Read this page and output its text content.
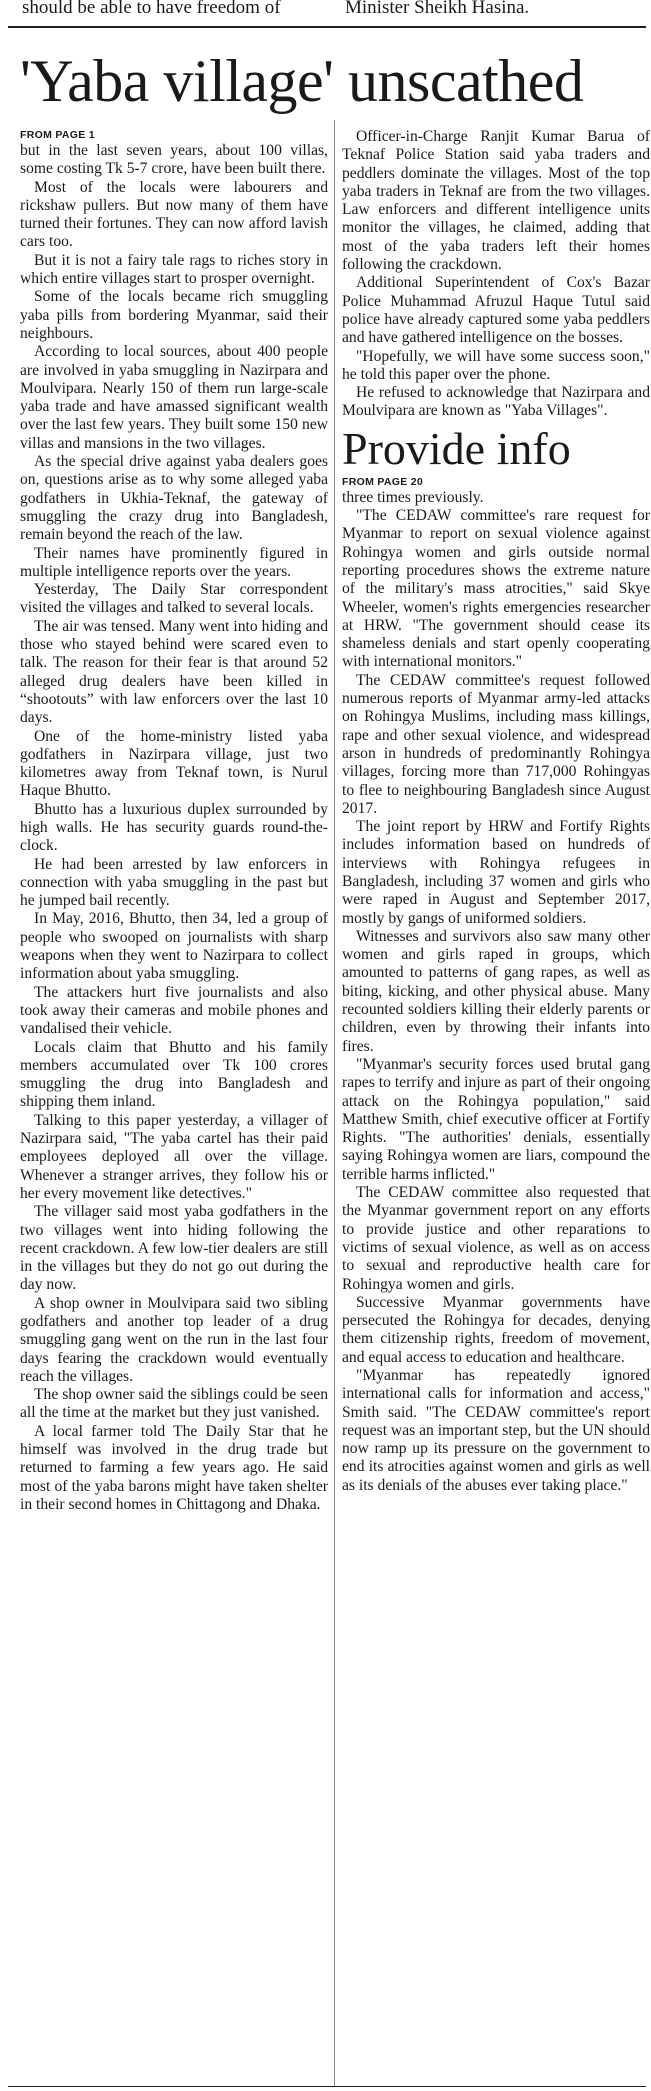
should be able to have freedom of	Minister Sheikh Hasina.
'Yaba village' unscathed
FROM PAGE 1

but in the last seven years, about 100 villas, some costing Tk 5-7 crore, have been built there.

Most of the locals were labourers and rickshaw pullers. But now many of them have turned their fortunes. They can now afford lavish cars too.

But it is not a fairy tale rags to riches story in which entire villages start to prosper overnight.

Some of the locals became rich smuggling yaba pills from bordering Myanmar, said their neighbours.

According to local sources, about 400 people are involved in yaba smuggling in Nazirpara and Moulvipara. Nearly 150 of them run large-scale yaba trade and have amassed significant wealth over the last few years. They built some 150 new villas and mansions in the two villages.

As the special drive against yaba dealers goes on, questions arise as to why some alleged yaba godfathers in Ukhia-Teknaf, the gateway of smuggling the crazy drug into Bangladesh, remain beyond the reach of the law.

Their names have prominently figured in multiple intelligence reports over the years.

Yesterday, The Daily Star correspondent visited the villages and talked to several locals.

The air was tensed. Many went into hiding and those who stayed behind were scared even to talk. The reason for their fear is that around 52 alleged drug dealers have been killed in “shootouts” with law enforcers over the last 10 days.

One of the home-ministry listed yaba godfathers in Nazirpara village, just two kilometres away from Teknaf town, is Nurul Haque Bhutto.

Bhutto has a luxurious duplex surrounded by high walls. He has security guards round-the-clock.

He had been arrested by law enforcers in connection with yaba smuggling in the past but he jumped bail recently.

In May, 2016, Bhutto, then 34, led a group of people who swooped on journalists with sharp weapons when they went to Nazirpara to collect information about yaba smuggling.

The attackers hurt five journalists and also took away their cameras and mobile phones and vandalised their vehicle.

Locals claim that Bhutto and his family members accumulated over Tk 100 crores smuggling the drug into Bangladesh and shipping them inland.

Talking to this paper yesterday, a villager of Nazirpara said, "The yaba cartel has their paid employees deployed all over the village. Whenever a stranger arrives, they follow his or her every movement like detectives."

The villager said most yaba godfathers in the two villages went into hiding following the recent crackdown. A few low-tier dealers are still in the villages but they do not go out during the day now.

A shop owner in Moulvipara said two sibling godfathers and another top leader of a drug smuggling gang went on the run in the last four days fearing the crackdown would eventually reach the villages.

The shop owner said the siblings could be seen all the time at the market but they just vanished.

A local farmer told The Daily Star that he himself was involved in the drug trade but returned to farming a few years ago. He said most of the yaba barons might have taken shelter in their second homes in Chittagong and Dhaka.

Officer-in-Charge Ranjit Kumar Barua of Teknaf Police Station said yaba traders and peddlers dominate the villages. Most of the top yaba traders in Teknaf are from the two villages. Law enforcers and different intelligence units monitor the villages, he claimed, adding that most of the yaba traders left their homes following the crackdown.

Additional Superintendent of Cox's Bazar Police Muhammad Afruzul Haque Tutul said police have already captured some yaba peddlers and have gathered intelligence on the bosses.

"Hopefully, we will have some success soon," he told this paper over the phone.

He refused to acknowledge that Nazirpara and Moulvipara are known as "Yaba Villages".

Provide info
FROM PAGE 20

three times previously.

"The CEDAW committee's rare request for Myanmar to report on sexual violence against Rohingya women and girls outside normal reporting procedures shows the extreme nature of the military's mass atrocities," said Skye Wheeler, women's rights emergencies researcher at HRW. "The government should cease its shameless denials and start openly cooperating with international monitors."

The CEDAW committee's request followed numerous reports of Myanmar army-led attacks on Rohingya Muslims, including mass killings, rape and other sexual violence, and widespread arson in hundreds of predominantly Rohingya villages, forcing more than 717,000 Rohingyas to flee to neighbouring Bangladesh since August 2017.

The joint report by HRW and Fortify Rights includes information based on hundreds of interviews with Rohingya refugees in Bangladesh, including 37 women and girls who were raped in August and September 2017, mostly by gangs of uniformed soldiers.

Witnesses and survivors also saw many other women and girls raped in groups, which amounted to patterns of gang rapes, as well as biting, kicking, and other physical abuse. Many recounted soldiers killing their elderly parents or children, even by throwing their infants into fires.

"Myanmar's security forces used brutal gang rapes to terrify and injure as part of their ongoing attack on the Rohingya population," said Matthew Smith, chief executive officer at Fortify Rights. "The authorities' denials, essentially saying Rohingya women are liars, compound the terrible harms inflicted."

The CEDAW committee also requested that the Myanmar government report on any efforts to provide justice and other reparations to victims of sexual violence, as well as on access to sexual and reproductive health care for Rohingya women and girls.

Successive Myanmar governments have persecuted the Rohingya for decades, denying them citizenship rights, freedom of movement, and equal access to education and healthcare.

"Myanmar has repeatedly ignored international calls for information and access," Smith said. "The CEDAW committee's report request was an important step, but the UN should now ramp up its pressure on the government to end its atrocities against women and girls as well as its denials of the abuses ever taking place."
